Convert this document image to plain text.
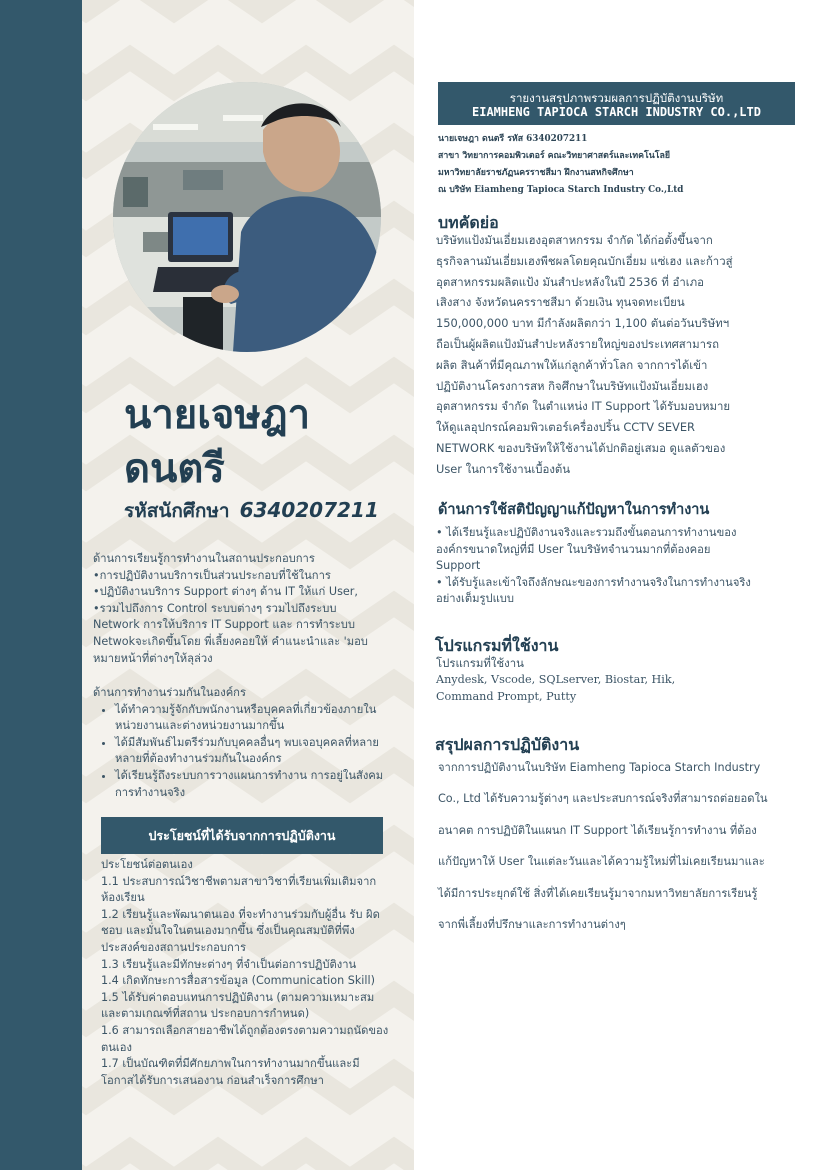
นายเจษฎา ดนตรี
รหัสนักศึกษา 6340207211

ด้านการเรียนรู้การทำงานในสถานประกอบการ

•การปฏิบัติงานบริการเป็นส่วนประกอบที่ใช้ในการ

•ปฏิบัติงานบริการ Support ต่างๆ ด้าน IT ให้แก่ User,

•รวมไปถึงการ Control ระบบต่างๆ รวมไปถึงระบบ

Network การให้บริการ IT Support และ การทำระบบ

Netwokจะเกิดขึ้นโดย พี่เลี้ยงคอยให้ คำแนะนำและ 'มอบ

หมายหน้าที่ต่างๆให้ลุล่วง

ด้านการทำงานร่วมกันในองค์กร

• ได้ทำความรู้จักกับพนักงานหรือบุคคลที่เกี่ยวข้องภายในหน่วยงานและต่างหน่วยงานมากขึ้น
• ได้มีสัมพันธ์ไมตรีร่วมกับบุคคลอื่นๆ พบเจอบุคคลที่หลายหลายที่ต้องทำงานร่วมกันในองค์กร
• ได้เรียนรู้ถึงระบบการวางแผนการทำงาน การอยู่ในสังคมการทำงานจริง
ประโยชน์ที่ได้รับจากการปฏิบัติงาน

ประโยชน์ต่อตนเอง

1.1 ประสบการณ์วิชาชีพตามสาขาวิชาที่เรียนเพิ่มเติมจากห้องเรียน

1.2 เรียนรู้และพัฒนาตนเอง ที่จะทำงานร่วมกับผู้อื่น รับ ผิดชอบ และมั่นใจในตนเองมากขึ้น ซึ่งเป็นคุณสมบัติที่พึงประสงค์ของสถานประกอบการ

1.3 เรียนรู้และมีทักษะต่างๆ ที่จำเป็นต่อการปฏิบัติงาน

1.4 เกิดทักษะการสื่อสารข้อมูล (Communication Skill)

1.5 ได้รับค่าตอบแทนการปฏิบัติงาน (ตามความเหมาะสมและตามเกณฑ์ที่สถาน ประกอบการกำหนด)

1.6 สามารถเลือกสายอาชีพได้ถูกต้องตรงตามความถนัดของตนเอง

1.7 เป็นบัณฑิตที่มีศักยภาพในการทำงานมากขึ้นและมีโอกาสได้รับการเสนองาน ก่อนสำเร็จการศึกษา

รายงานสรุปภาพรวมผลการปฏิบัติงานบริษัท
EIAMHENG TAPIOCA STARCH INDUSTRY CO.,LTD

นายเจษฎา ดนตรี รหัส 6340207211

สาขา วิทยาการคอมพิวเตอร์ คณะวิทยาศาสตร์และเทคโนโลยี

มหาวิทยาลัยราชภัฏนครราชสีมา ฝึกงานสหกิจศึกษา

ณ บริษัท Eiamheng Tapioca Starch Industry Co.,Ltd

บทคัดย่อ

บริษัทแป้งมันเอี่ยมเฮงอุตสาหกรรม จำกัด ได้ก่อตั้งขึ้นจากธุรกิจลานมันเอี่ยมเฮงพืชผลโดยคุณบักเอี่ยม แซ่เฮง และก้าวสู่อุตสาหกรรมผลิตแป้ง มันสำปะหลังในปี 2536 ที่ อำเภอเสิงสาง จังหวัดนครราชสีมา ด้วยเงิน ทุนจดทะเบียน 150,000,000 บาท มีกำลังผลิตกว่า 1,100 ตันต่อวันบริษัทฯ ถือเป็นผู้ผลิตแป้งมันสำปะหลังรายใหญ่ของประเทศสามารถผลิต สินค้าที่มีคุณภาพให้แก่ลูกค้าทั่วโลก จากการได้เข้าปฏิบัติงานโครงการสห กิจศึกษาในบริษัทแป้งมันเอี่ยมเฮงอุตสาหกรรม จำกัด ในตำแหน่ง IT Support ได้รับมอบหมายให้ดูแลอุปกรณ์คอมพิวเตอร์เครื่องปริ้น CCTV SEVER NETWORK ของบริษัทให้ใช้งานได้ปกติอยู่เสมอ ดูแลตัวของ User ในการใช้งานเบื้องต้น

ด้านการใช้สติปัญญาแก้ปัญหาในการทำงาน

• ได้เรียนรู้และปฏิบัติงานจริงและรวมถึงขั้นตอนการทำงานขององค์กรขนาดใหญ่ที่มี User ในบริษัทจำนวนมากที่ต้องคอย Support

• ได้รับรู้และเข้าใจถึงลักษณะของการทำงานจริงในการทำงานจริงอย่างเต็มรูปแบบ

โปรแกรมที่ใช้งาน

โปรแกรมที่ใช้งาน

Anydesk, Vscode, SQLserver, Biostar, Hik, Command Prompt, Putty

สรุปผลการปฏิบัติงาน

จากการปฏิบัติงานในบริษัท Eiamheng Tapioca Starch Industry Co., Ltd ได้รับความรู้ต่างๆ และประสบการณ์จริงที่สามารถต่อยอดในอนาคต การปฏิบัติในแผนก IT Support ได้เรียนรู้การทำงาน ที่ต้องแก้ปัญหาให้ User ในแต่ละวันและได้ความรู้ใหม่ที่ไม่เคยเรียนมาและได้มีการประยุกต์ใช้ สิ่งที่ได้เคยเรียนรู้มาจากมหาวิทยาลัยการเรียนรู้จากพี่เลี้ยงที่ปรึกษาและการทำงานต่างๆ
